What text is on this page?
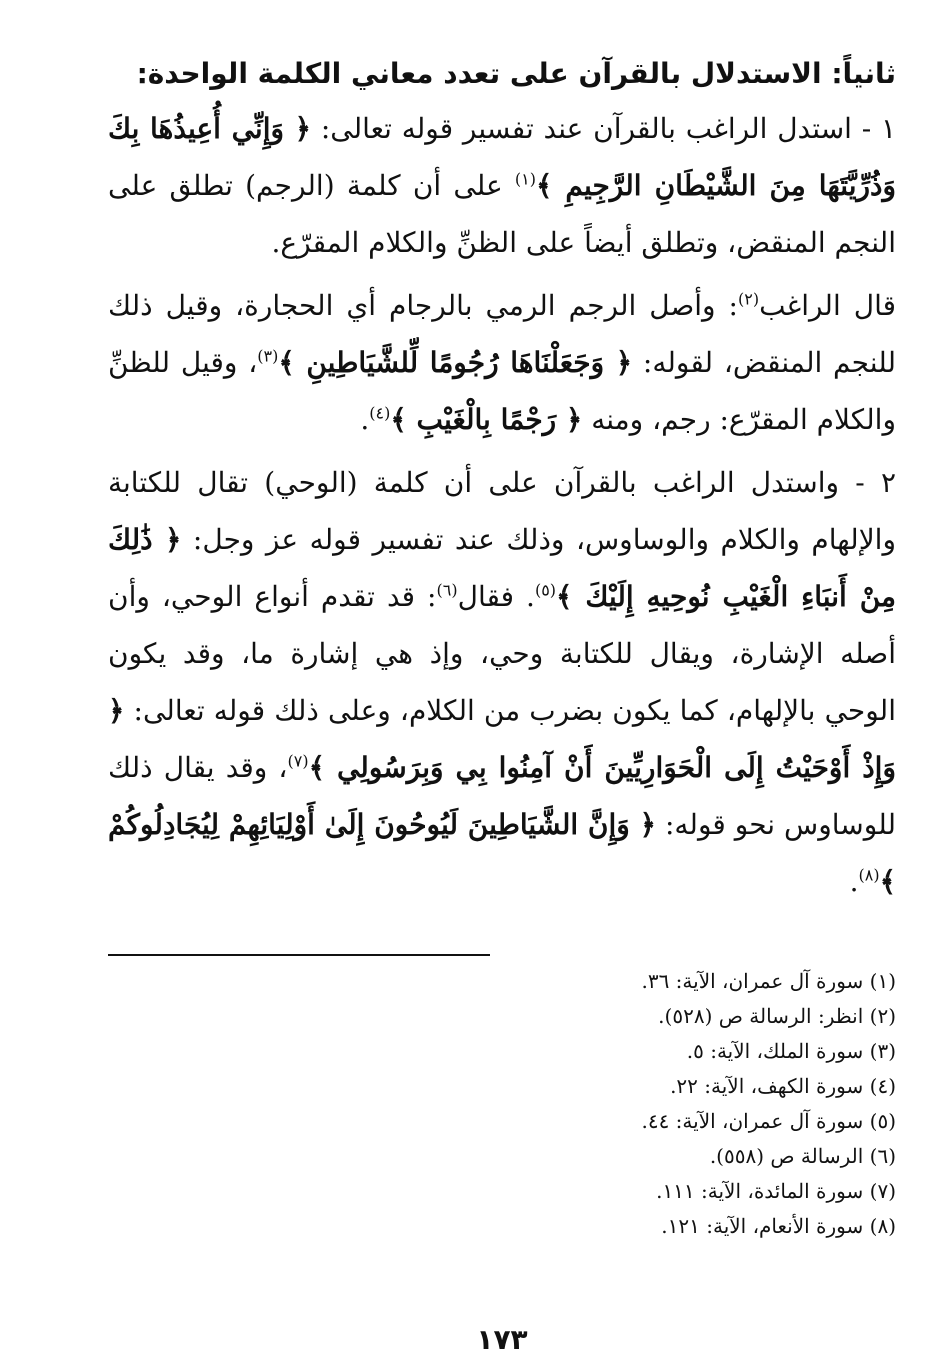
ثانياً: الاستدلال بالقرآن على تعدد معاني الكلمة الواحدة:

١ - استدل الراغب بالقرآن عند تفسير قوله تعالى: ﴿ وَإِنِّي أُعِيذُهَا بِكَ وَذُرِّيَّتَهَا مِنَ الشَّيْطَانِ الرَّجِيمِ ﴾$^{(١)}$ على أن كلمة (الرجم) تطلق على النجم المنقض، وتطلق أيضاً على الظنِّ والكلام المقرّع.

قال الراغب$^{(٢)}$: وأصل الرجم الرمي بالرجام أي الحجارة، وقيل ذلك للنجم المنقض، لقوله: ﴿ وَجَعَلْنَاهَا رُجُومًا لِّلشَّيَاطِينِ ﴾$^{(٣)}$، وقيل للظنِّ والكلام المقرّع: رجم، ومنه ﴿ رَجْمًا بِالْغَيْبِ ﴾$^{(٤)}$.

٢ - واستدل الراغب بالقرآن على أن كلمة (الوحي) تقال للكتابة والإلهام والكلام والوساوس، وذلك عند تفسير قوله عز وجل: ﴿ ذَٰلِكَ مِنْ أَنبَاءِ الْغَيْبِ نُوحِيهِ إِلَيْكَ ﴾$^{(٥)}$. فقال$^{(٦)}$: قد تقدم أنواع الوحي، وأن أصله الإشارة، ويقال للكتابة وحي، وإذ هي إشارة ما، وقد يكون الوحي بالإلهام، كما يكون بضرب من الكلام، وعلى ذلك قوله تعالى: ﴿ وَإِذْ أَوْحَيْتُ إِلَى الْحَوَارِيِّينَ أَنْ آمِنُوا بِي وَبِرَسُولِي ﴾$^{(٧)}$، وقد يقال ذلك للوساوس نحو قوله: ﴿ وَإِنَّ الشَّيَاطِينَ لَيُوحُونَ إِلَىٰ أَوْلِيَائِهِمْ لِيُجَادِلُوكُمْ ﴾$^{(٨)}$.

(١) سورة آل عمران، الآية: ٣٦.
(٢) انظر: الرسالة ص (٥٢٨).
(٣) سورة الملك، الآية: ٥.
(٤) سورة الكهف، الآية: ٢٢.
(٥) سورة آل عمران، الآية: ٤٤.
(٦) الرسالة ص (٥٥٨).
(٧) سورة المائدة، الآية: ١١١.
(٨) سورة الأنعام، الآية: ١٢١.
١٧٣
